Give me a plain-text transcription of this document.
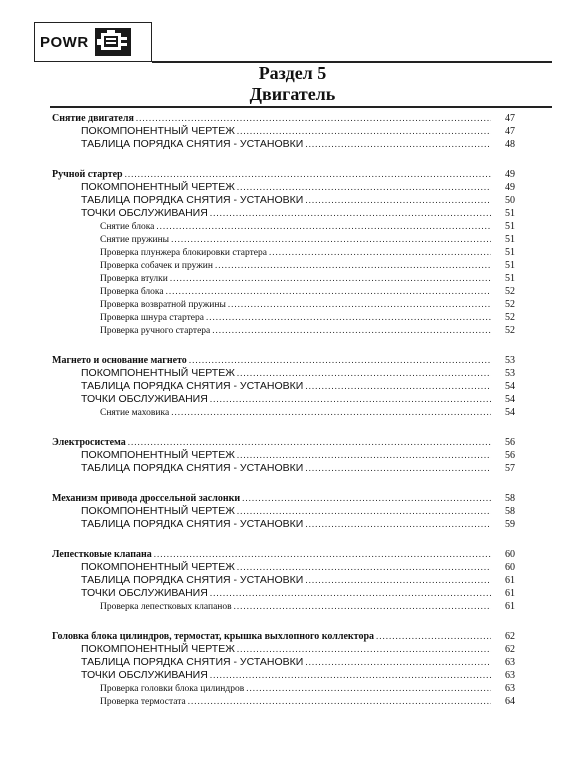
POWR
Раздел 5
Двигатель
Снятие двигателя .....	47
ПОКОМПОНЕНТНЫЙ ЧЕРТЕЖ .....	47
ТАБЛИЦА ПОРЯДКА СНЯТИЯ - УСТАНОВКИ .....	48
Ручной стартер .....	49
ПОКОМПОНЕНТНЫЙ ЧЕРТЕЖ .....	49
ТАБЛИЦА ПОРЯДКА СНЯТИЯ - УСТАНОВКИ .....	50
ТОЧКИ ОБСЛУЖИВАНИЯ .....	51
Снятие блока .....	51
Снятие пружины .....	51
Проверка плунжера блокировки стартера .....	51
Проверка собачек и пружин .....	51
Проверка втулки .....	51
Проверка блока .....	52
Проверка возвратной пружины .....	52
Проверка шнура стартера .....	52
Проверка ручного стартера .....	52
Магнето и основание магнето .....	53
ПОКОМПОНЕНТНЫЙ ЧЕРТЕЖ .....	53
ТАБЛИЦА ПОРЯДКА СНЯТИЯ - УСТАНОВКИ .....	54
ТОЧКИ ОБСЛУЖИВАНИЯ .....	54
Снятие маховика .....	54
Электросистема .....	56
ПОКОМПОНЕНТНЫЙ ЧЕРТЕЖ .....	56
ТАБЛИЦА ПОРЯДКА СНЯТИЯ - УСТАНОВКИ .....	57
Механизм привода дроссельной заслонки .....	58
ПОКОМПОНЕНТНЫЙ ЧЕРТЕЖ .....	58
ТАБЛИЦА ПОРЯДКА СНЯТИЯ - УСТАНОВКИ .....	59
Лепестковые клапана .....	60
ПОКОМПОНЕНТНЫЙ ЧЕРТЕЖ .....	60
ТАБЛИЦА ПОРЯДКА СНЯТИЯ - УСТАНОВКИ .....	61
ТОЧКИ ОБСЛУЖИВАНИЯ .....	61
Проверка лепестковых клапанов .....	61
Головка блока цилиндров, термостат, крышка выхлопного коллектора .....	62
ПОКОМПОНЕНТНЫЙ ЧЕРТЕЖ .....	62
ТАБЛИЦА ПОРЯДКА СНЯТИЯ - УСТАНОВКИ .....	63
ТОЧКИ ОБСЛУЖИВАНИЯ .....	63
Проверка головки блока цилиндров .....	63
Проверка термостата .....	64
